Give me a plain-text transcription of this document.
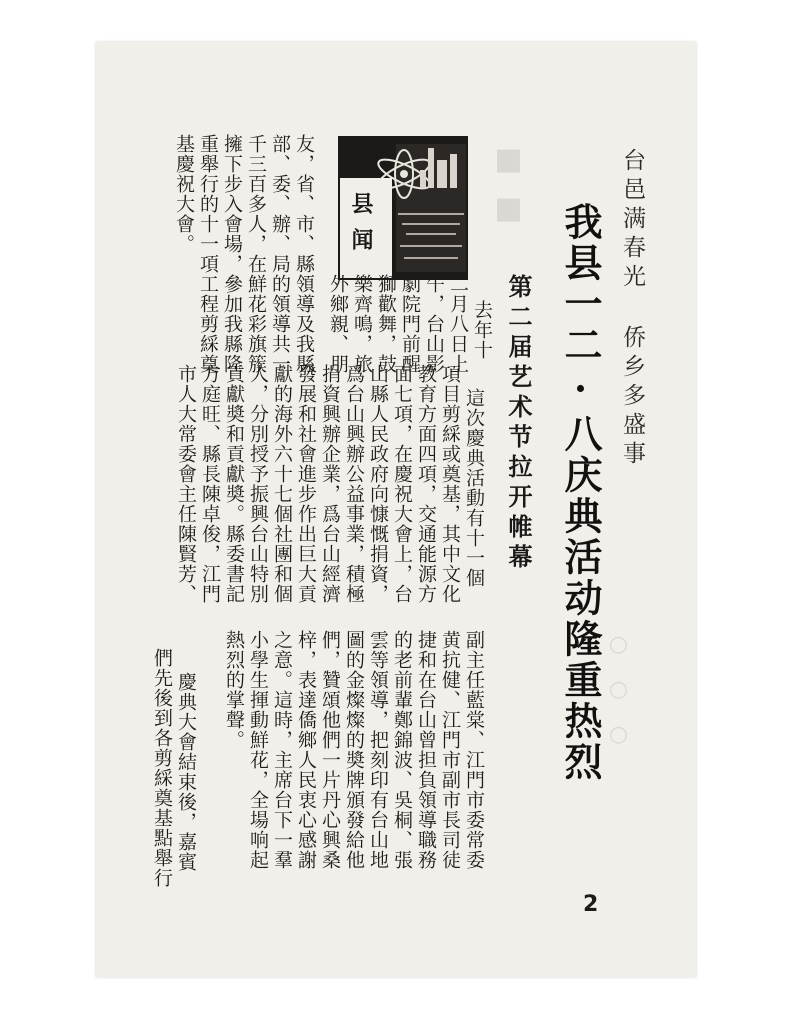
■■
○○○
台邑满春光 侨乡多盛事
我县一二·八庆典活动隆重热烈
第二届艺术节拉开帷幕
县闻
去年十
二月八日上
午，台山影
劇院門前醒
獅歡舞，鼓
樂齊鳴，旅
外鄉親、朋
友，省、市、縣領導及我縣
部、委、辦、局的領導共一
千三百多人，在鮮花彩旗簇
擁下步入會場，參加我縣隆
重舉行的十一項工程剪綵奠
基慶祝大會。
這次慶典活動有十一個
項目剪綵或奠基，其中文化
教育方面四項，交通能源方
面七項，在慶祝大會上，台
山縣人民政府向慷慨捐資，
爲台山興辦公益事業，積極
捐資興辦企業，爲台山經濟
發展和社會進步作出巨大貢
獻的海外六十七個社團和個
人，分別授予振興台山特別
貢獻奬和貢獻奬。縣委書記
方庭旺、縣長陳卓俊，江門
市人大常委會主任陳賢芳、
副主任藍棠、江門市委常委
黄抗健、江門市副市長司徒
捷和在台山曾担負領導職務
的老前輩鄭錦波、吳桐、張
雲等領導，把刻印有台山地
圖的金燦燦的奬牌頒發給他
們，贊頌他們一片丹心興桑
梓，表達僑鄉人民衷心感謝
之意。這時，主席台下一羣
小學生揮動鮮花，全場响起
熱烈的掌聲。
慶典大會結束後，嘉賓
們先後到各剪綵奠基點舉行
2
